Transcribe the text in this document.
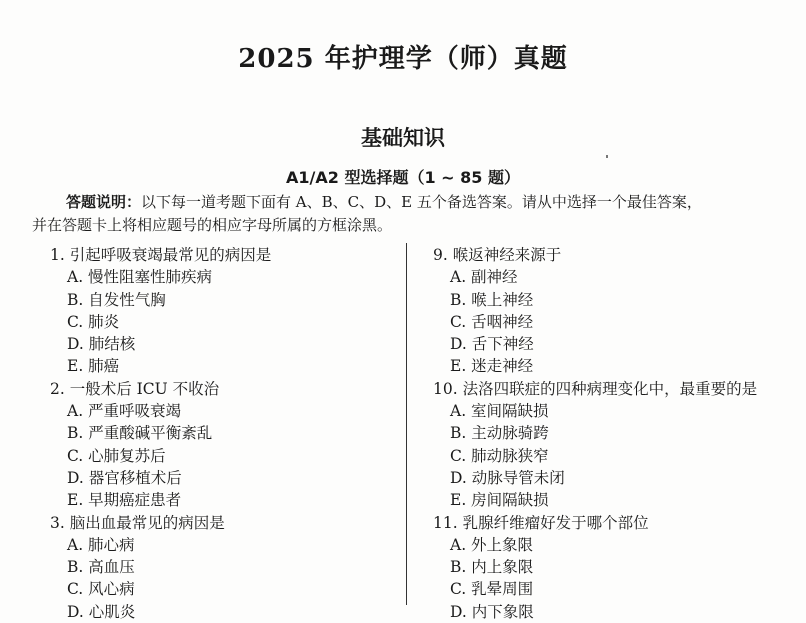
2025 年护理学（师）真题
基础知识
A1/A2 型选择题（1 ~ 85 题）
答题说明：以下每一道考题下面有 A、B、C、D、E 五个备选答案。请从中选择一个最佳答案，
并在答题卡上将相应题号的相应字母所属的方框涂黑。
1. 引起呼吸衰竭最常见的病因是
A. 慢性阻塞性肺疾病
B. 自发性气胸
C. 肺炎
D. 肺结核
E. 肺癌
2. 一般术后 ICU 不收治
A. 严重呼吸衰竭
B. 严重酸碱平衡紊乱
C. 心肺复苏后
D. 器官移植术后
E. 早期癌症患者
3. 脑出血最常见的病因是
A. 肺心病
B. 高血压
C. 风心病
D. 心肌炎
9. 喉返神经来源于
A. 副神经
B. 喉上神经
C. 舌咽神经
D. 舌下神经
E. 迷走神经
10. 法洛四联症的四种病理变化中，最重要的是
A. 室间隔缺损
B. 主动脉骑跨
C. 肺动脉狭窄
D. 动脉导管未闭
E. 房间隔缺损
11. 乳腺纤维瘤好发于哪个部位
A. 外上象限
B. 内上象限
C. 乳晕周围
D. 内下象限
